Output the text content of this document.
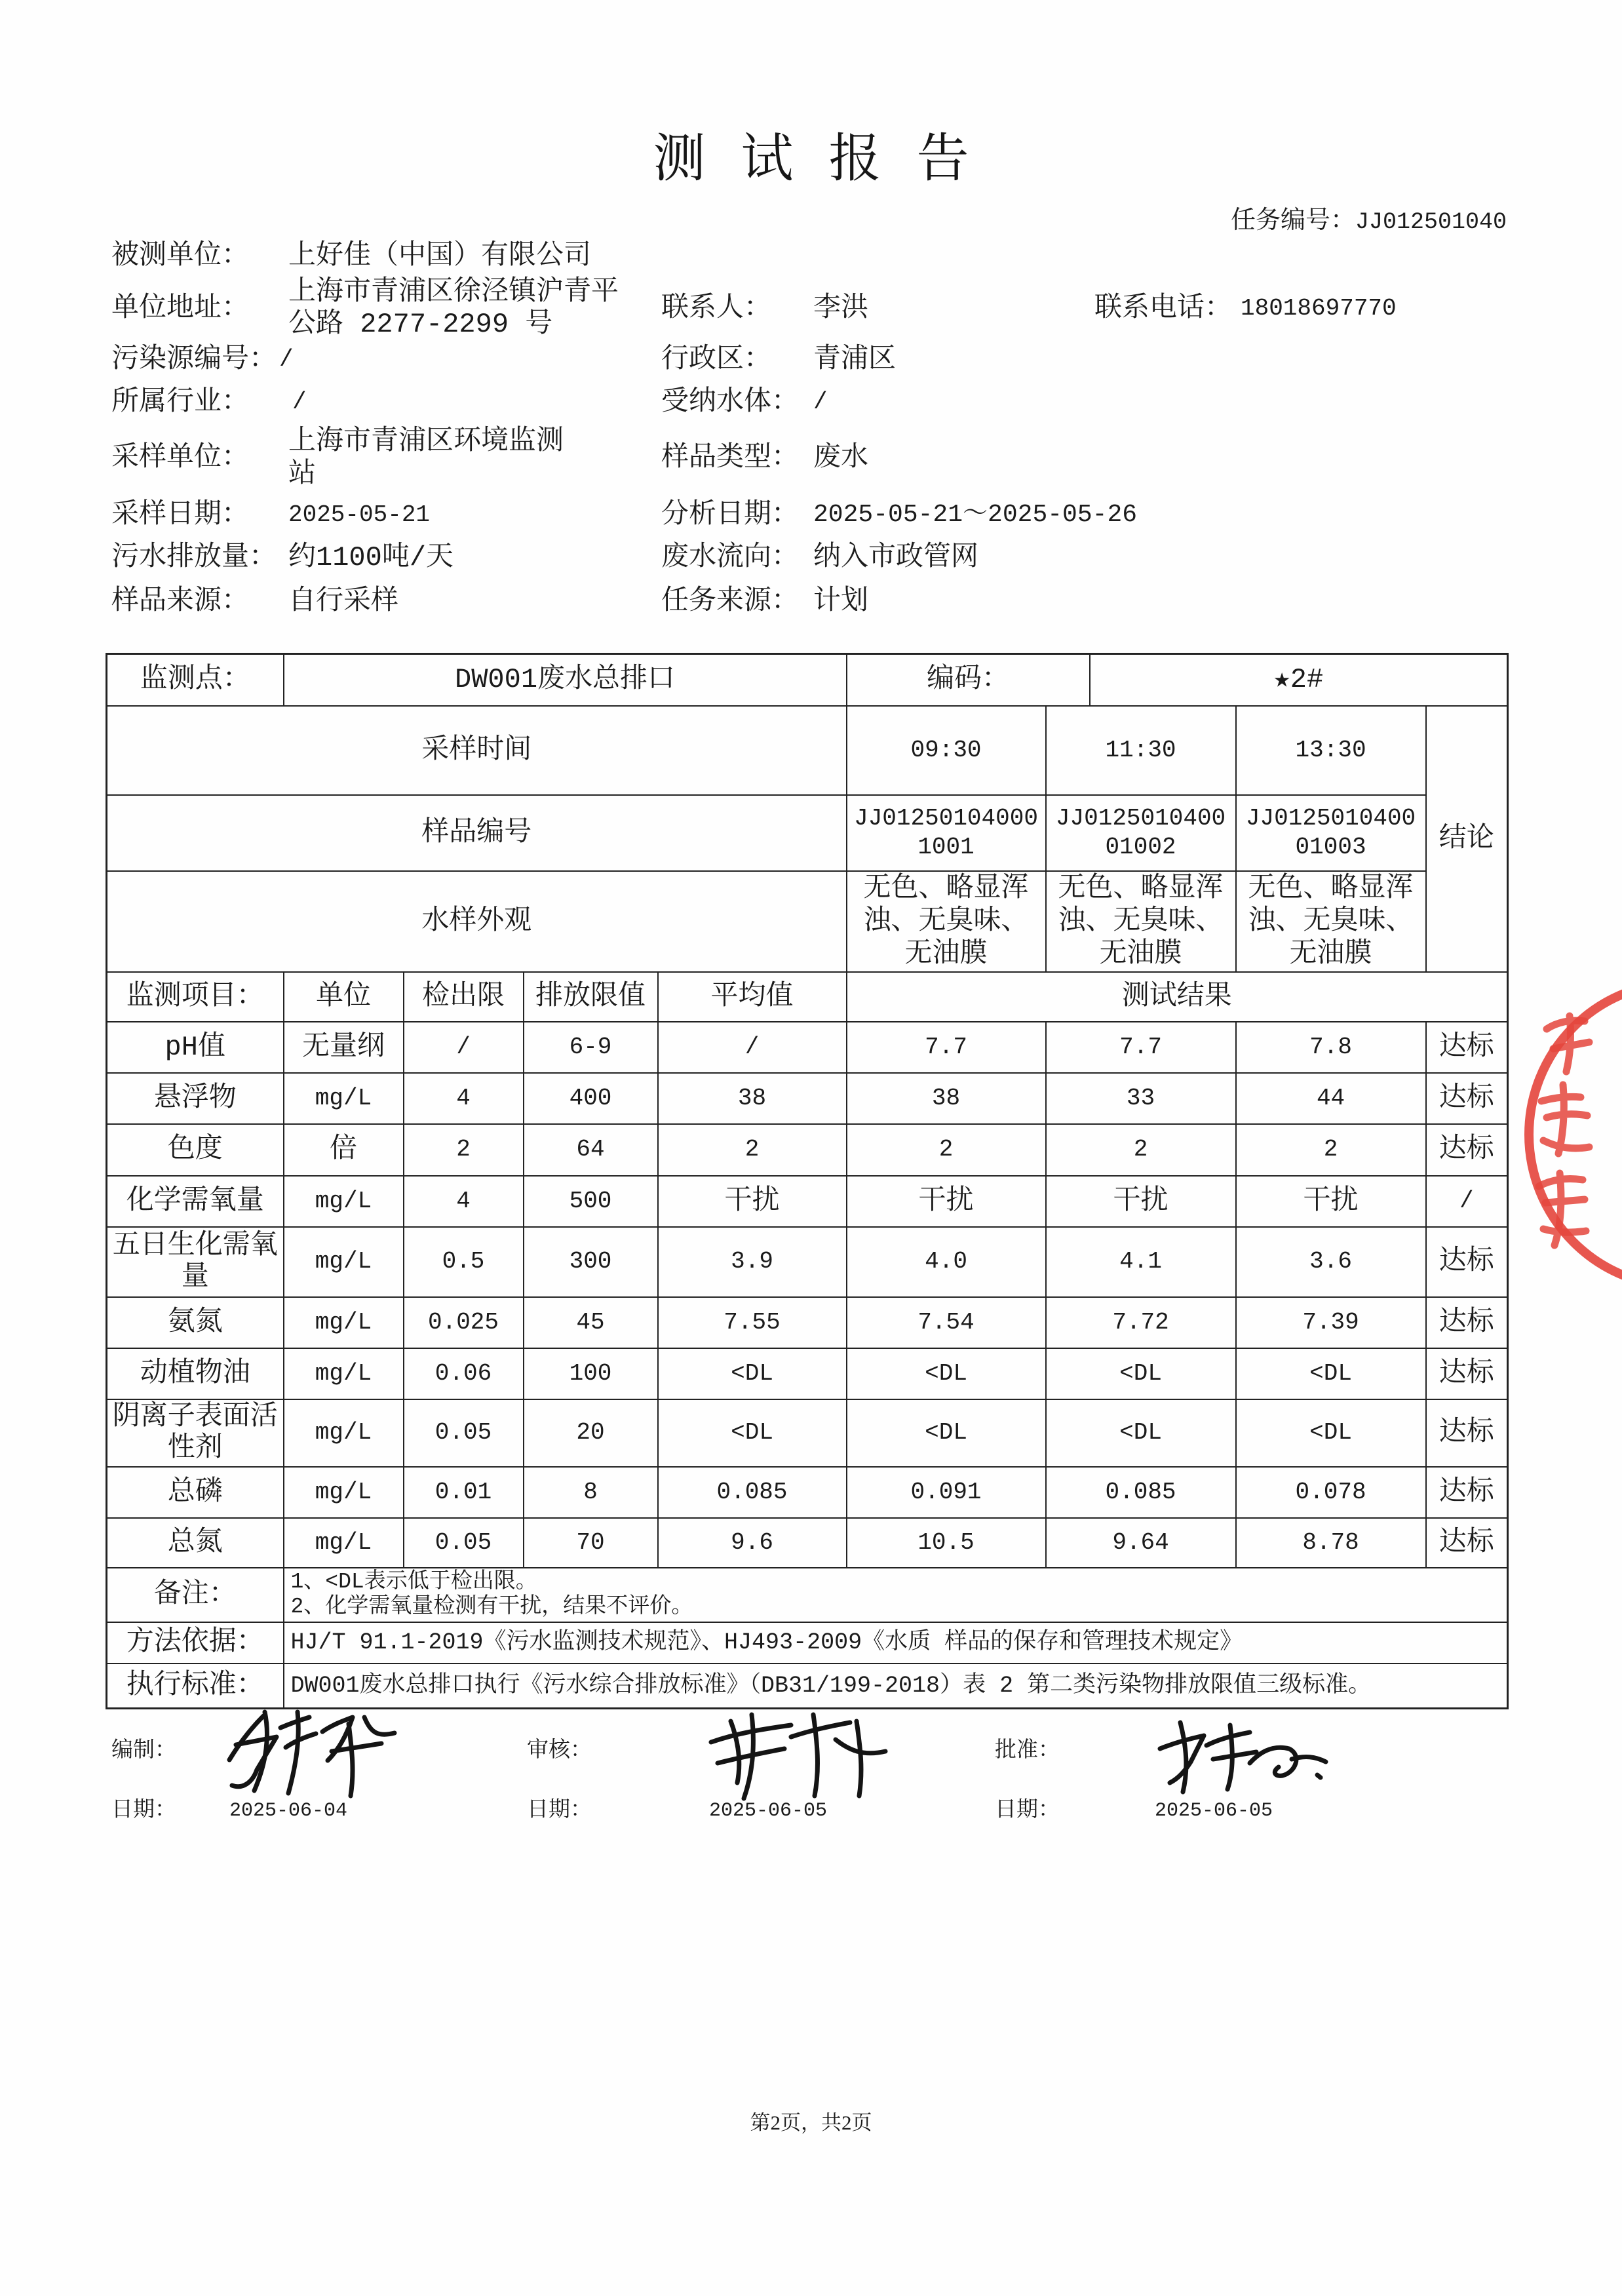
测试报告
任务编号：JJ012501040
被测单位： 上好佳（中国）有限公司
单位地址：
上海市青浦区徐泾镇沪青平公路 2277-2299 号	联系人： 李洪	联系电话： 18018697770
污染源编号： /	行政区： 青浦区
所属行业： /	受纳水体： /
采样单位：
上海市青浦区环境监测站
样品类型： 废水
采样日期： 2025-05-21	分析日期： 2025-05-21～2025-05-26
污水排放量： 约1100吨/天	废水流向： 纳入市政管网
样品来源： 自行采样	任务来源： 计划
监测点：	DW001废水总排口				编码：		★2#		
采样时间					09:30	11:30		13:30	结论
样品编号					JJ012501040001001	JJ012501040001002		JJ012501040001003	
水样外观					无色、略显浑浊、无臭味、无油膜	无色、略显浑浊、无臭味、无油膜		无色、略显浑浊、无臭味、无油膜	
监测项目：	单位	检出限	排放限值	平均值	测试结果				
pH值	无量纲	/	6-9	/	7.7	7.7		7.8	达标
悬浮物	mg/L	4	400	38	38	33		44	达标
色度	倍	2	64	2	2	2		2	达标
化学需氧量	mg/L	4	500	干扰	干扰	干扰		干扰	/
五日生化需氧量	mg/L	0.5	300	3.9	4.0	4.1		3.6	达标
氨氮	mg/L	0.025	45	7.55	7.54	7.72		7.39	达标
动植物油	mg/L	0.06	100	<DL	<DL	<DL		<DL	达标
阴离子表面活性剂	mg/L	0.05	20	<DL	<DL	<DL		<DL	达标
总磷	mg/L	0.01	8	0.085	0.091	0.085		0.078	达标
总氮	mg/L	0.05	70	9.6	10.5	9.64		8.78	达标
备注：	1、<DL表示低于检出限。
2、化学需氧量检测有干扰，结果不评价。								

方法依据：	HJ/T 91.1-2019《污水监测技术规范》、HJ493-2009《水质 样品的保存和管理技术规定》								
执行标准：	DW001废水总排口执行《污水综合排放标准》（DB31/199-2018）表 2 第二类污染物排放限值三级标准。								
编制：	审核：	批准：
日期：	2025-06-04	日期：	2025-06-05	日期：	2025-06-05
第2页，共2页
